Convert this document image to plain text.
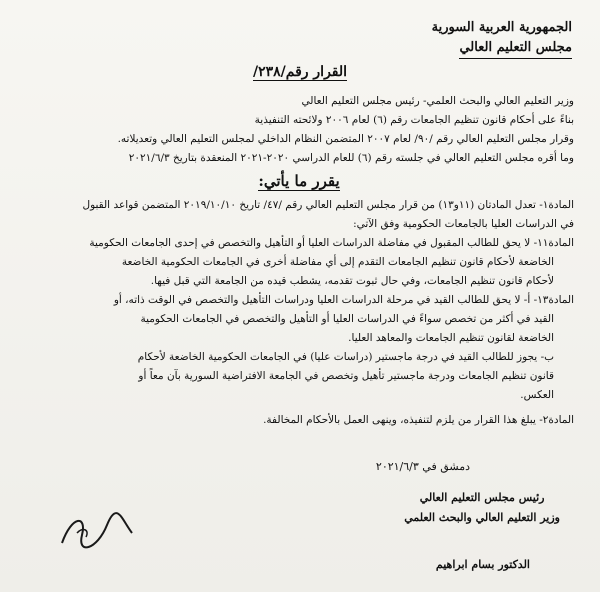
الجمهورية العربية السورية
مجلس التعليم العالي
القرار رقم/٢٣٨/
وزير التعليم العالي والبحث العلمي- رئيس مجلس التعليم العالي
بناءً على أحكام قانون تنظيم الجامعات رقم (٦) لعام ٢٠٠٦ ولائحته التنفيذية
وقرار مجلس التعليم العالي رقم /٩٠/ لعام ٢٠٠٧ المتضمن النظام الداخلي لمجلس التعليم العالي وتعديلاته.
وما أقره مجلس التعليم العالي في جلسته رقم (٦) للعام الدراسي ٢٠٢٠-٢٠٢١ المنعقدة بتاريخ ٢٠٢١/٦/٣
يقرر ما يأتي:
المادة١- تعدل المادتان (١١و١٣) من قرار مجلس التعليم العالي رقم /٤٧/ تاريخ ٢٠١٩/١٠/١٠ المتضمن قواعد القبول
في الدراسات العليا بالجامعات الحكومية وفق الآتي:
المادة١١- لا يحق للطالب المقبول في مفاضلة الدراسات العليا أو التأهيل والتخصص في إحدى الجامعات الحكومية
الخاضعة لأحكام قانون تنظيم الجامعات التقدم إلى أي مفاضلة أخرى في الجامعات الحكومية الخاضعة
لأحكام قانون تنظيم الجامعات، وفي حال ثبوت تقدمه، يشطب قيده من الجامعة التي قبل فيها.
المادة١٣- أ- لا يحق للطالب القيد في مرحلة الدراسات العليا ودراسات التأهيل والتخصص في الوقت ذاته، أو
القيد في أكثر من تخصص سواءً في الدراسات العليا أو التأهيل والتخصص في الجامعات الحكومية
الخاضعة لقانون تنظيم الجامعات والمعاهد العليا.
ب- يجوز للطالب القيد في درجة ماجستير (دراسات عليا) في الجامعات الحكومية الخاضعة لأحكام
قانون تنظيم الجامعات ودرجة ماجستير تأهيل وتخصص في الجامعة الافتراضية السورية بآن معاً أو
العكس.
المادة٢- يبلغ هذا القرار من يلزم لتنفيذه، وينهى العمل بالأحكام المخالفة.
دمشق في ٢٠٢١/٦/٣
رئيس مجلس التعليم العالي
وزير التعليم العالي والبحث العلمي
الدكتور بسام ابراهيم
